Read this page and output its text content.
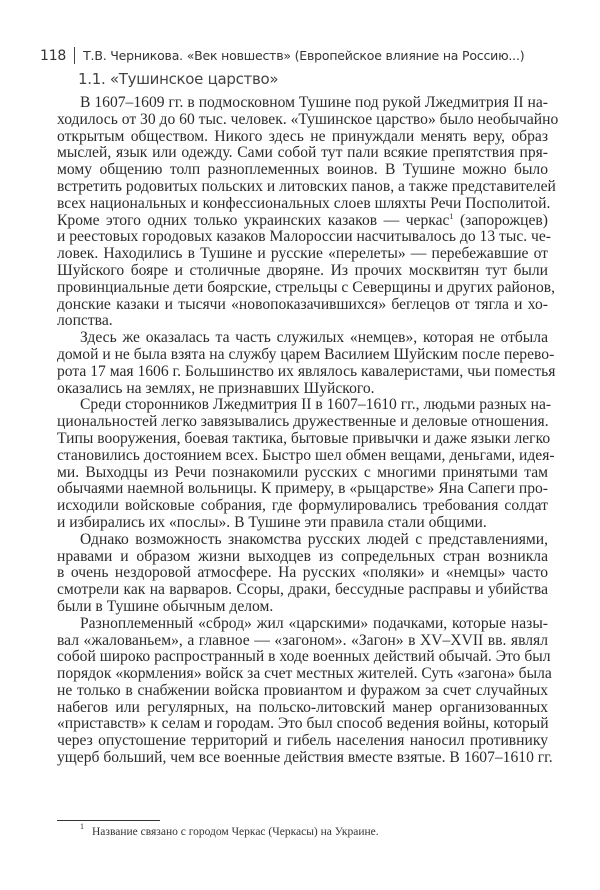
118 Т.В. Черникова. «Век новшеств» (Европейское влияние на Россию...)
1.1. «Тушинское царство»
В 1607–1609 гг. в подмосковном Тушине под рукой Лжедмитрия II на-
ходилось от 30 до 60 тыс. человек. «Тушинское царство» было необычайно
открытым обществом. Никого здесь не принуждали менять веру, образ
мыслей, язык или одежду. Сами собой тут пали всякие препятствия пря-
мому общению толп разноплеменных воинов. В Тушине можно было
встретить родовитых польских и литовских панов, а также представителей
всех национальных и конфессиональных слоев шляхты Речи Посполитой.
Кроме этого одних только украинских казаков — черкас$^1$ (запорожцев)
и реестовых городовых казаков Малороссии насчитывалось до 13 тыс. че-
ловек. Находились в Тушине и русские «перелеты» — перебежавшие от
Шуйского бояре и столичные дворяне. Из прочих москвитян тут были
провинциальные дети боярские, стрельцы с Северщины и других районов,
донские казаки и тысячи «новопоказачившихся» беглецов от тягла и хо-
лопства.
Здесь же оказалась та часть служилых «немцев», которая не отбыла
домой и не была взята на службу царем Василием Шуйским после перево-
рота 17 мая 1606 г. Большинство их являлось кавалеристами, чьи поместья
оказались на землях, не признавших Шуйского.
Среди сторонников Лжедмитрия II в 1607–1610 гг., людьми разных на-
циональностей легко завязывались дружественные и деловые отношения.
Типы вооружения, боевая тактика, бытовые привычки и даже языки легко
становились достоянием всех. Быстро шел обмен вещами, деньгами, идея-
ми. Выходцы из Речи познакомили русских с многими принятыми там
обычаями наемной вольницы. К примеру, в «рыцарстве» Яна Сапеги про-
исходили войсковые собрания, где формулировались требования солдат
и избирались их «послы». В Тушине эти правила стали общими.
Однако возможность знакомства русских людей с представлениями,
нравами и образом жизни выходцев из сопредельных стран возникла
в очень нездоровой атмосфере. На русских «поляки» и «немцы» часто
смотрели как на варваров. Ссоры, драки, бессудные расправы и убийства
были в Тушине обычным делом.
Разноплеменный «сброд» жил «царскими» подачками, которые назы-
вал «жалованьем», а главное — «загоном». «Загон» в XV–XVII вв. являл
собой широко распространный в ходе военных действий обычай. Это был
порядок «кормления» войск за счет местных жителей. Суть «загона» была
не только в снабжении войска провиантом и фуражом за счет случайных
набегов или регулярных, на польско-литовский манер организованных
«приставств» к селам и городам. Это был способ ведения войны, который
через опустошение территорий и гибель населения наносил противнику
ущерб больший, чем все военные действия вместе взятые. В 1607–1610 гг.
$^1$ Название связано с городом Черкас (Черкасы) на Украине.
